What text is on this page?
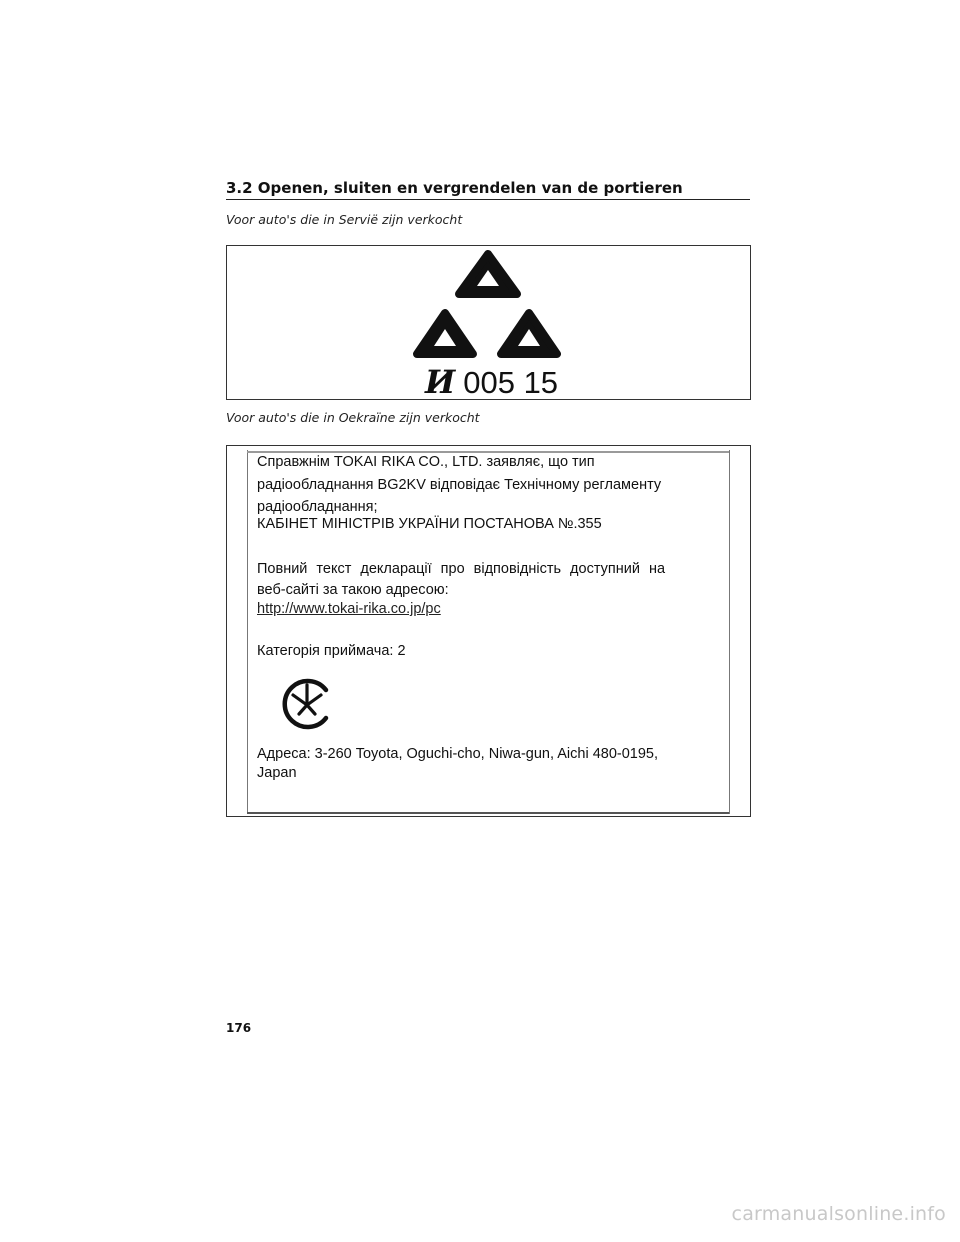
3.2 Openen, sluiten en vergrendelen van de portieren
Voor auto's die in Servië zijn verkocht
И 005 15
Voor auto's die in Oekraïne zijn verkocht
Справжнім TOKAI RIKA CO., LTD. заявляє, що тип
радіообладнання BG2KV відповідає Технічному регламенту
радіообладнання;
КАБІНЕТ МІНІСТРІВ УКРАЇНИ ПОСТАНОВА №.355
Повний текст декларації про відповідність доступний на
веб-сайті за такою адресою:
http://www.tokai-rika.co.jp/pc
Категорія приймача: 2
Адреса: 3-260 Toyota, Oguchi-cho, Niwa-gun, Aichi 480-0195,
Japan
176
carmanualsonline.info
